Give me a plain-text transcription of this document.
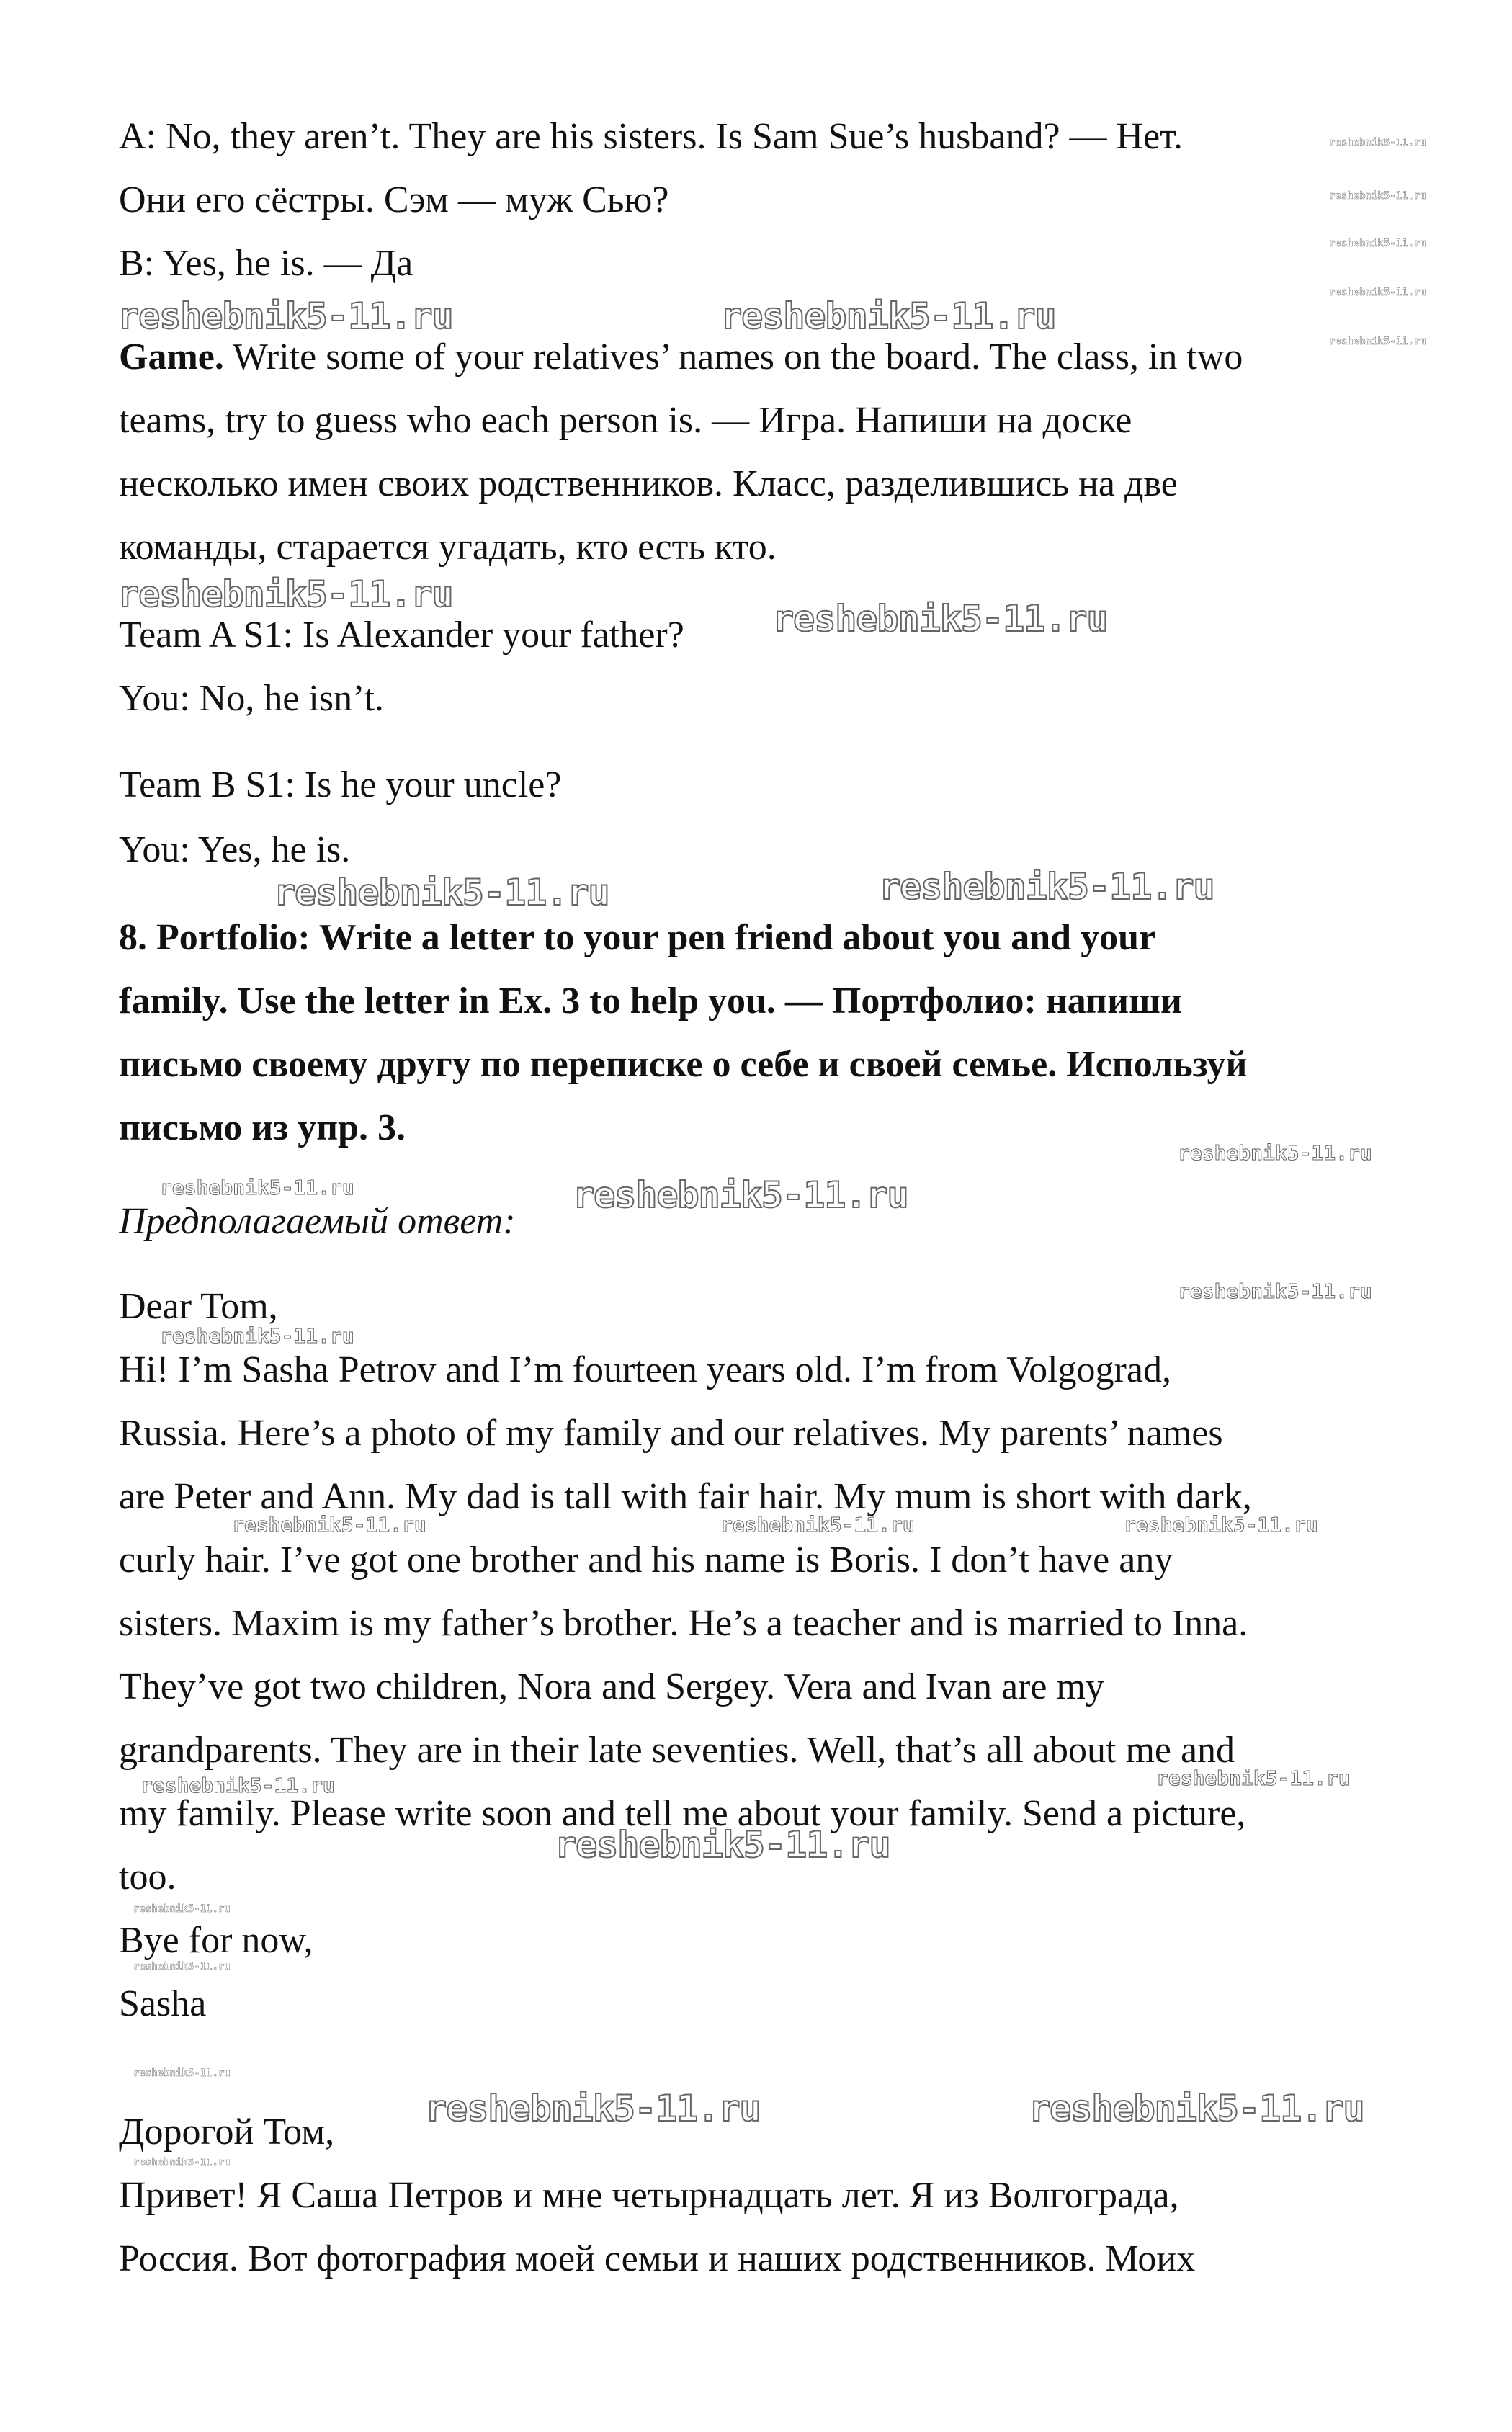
A: No, they aren’t. They are his sisters. Is Sam Sue’s husband? — Нет.
Они его сёстры. Сэм — муж Сью?
B: Yes, he is. — Да
Game. Write some of your relatives’ names on the board. The class, in two
teams, try to guess who each person is. — Игра. Напиши на доске
несколько имен своих родственников. Класс, разделившись на две
команды, старается угадать, кто есть кто.
Team A S1: Is Alexander your father?
You: No, he isn’t.
Team B S1: Is he your uncle?
You: Yes, he is.
8. Portfolio: Write a letter to your pen friend about you and your
family. Use the letter in Ex. 3 to help you. — Портфолио: напиши
письмо своему другу по переписке о себе и своей семье. Используй
письмо из упр. 3.
Предполагаемый ответ:
Dear Tom,
Hi! I’m Sasha Petrov and I’m fourteen years old. I’m from Volgograd,
Russia. Here’s a photo of my family and our relatives. My parents’ names
are Peter and Ann. My dad is tall with fair hair. My mum is short with dark,
curly hair. I’ve got one brother and his name is Boris. I don’t have any
sisters. Maxim is my father’s brother. He’s a teacher and is married to Inna.
They’ve got two children, Nora and Sergey. Vera and Ivan are my
grandparents. They are in their late seventies. Well, that’s all about me and
my family. Please write soon and tell me about your family. Send a picture,
too.
Bye for now,
Sasha
Дорогой Том,
Привет! Я Саша Петров и мне четырнадцать лет. Я из Волгограда,
Россия. Вот фотография моей семьи и наших родственников. Моих
reshebnik5-11.ru	reshebnik5-11.ru
reshebnik5-11.ru
reshebnik5-11.ru
reshebnik5-11.ru	reshebnik5-11.ru
reshebnik5-11.ru
reshebnik5-11.ru
reshebnik5-11.ru	reshebnik5-11.ru
reshebnik5-11.ru
reshebnik5-11.ru
reshebnik5-11.ru
reshebnik5-11.ru
reshebnik5-11.ru	reshebnik5-11.ru	reshebnik5-11.ru
reshebnik5-11.ru	reshebnik5-11.ru
reshebnik5-11.ru
reshebnik5-11.ru
reshebnik5-11.ru
reshebnik5-11.ru
reshebnik5-11.ru
reshebnik5-11.ru
reshebnik5-11.ru
reshebnik5-11.ru
reshebnik5-11.ru
